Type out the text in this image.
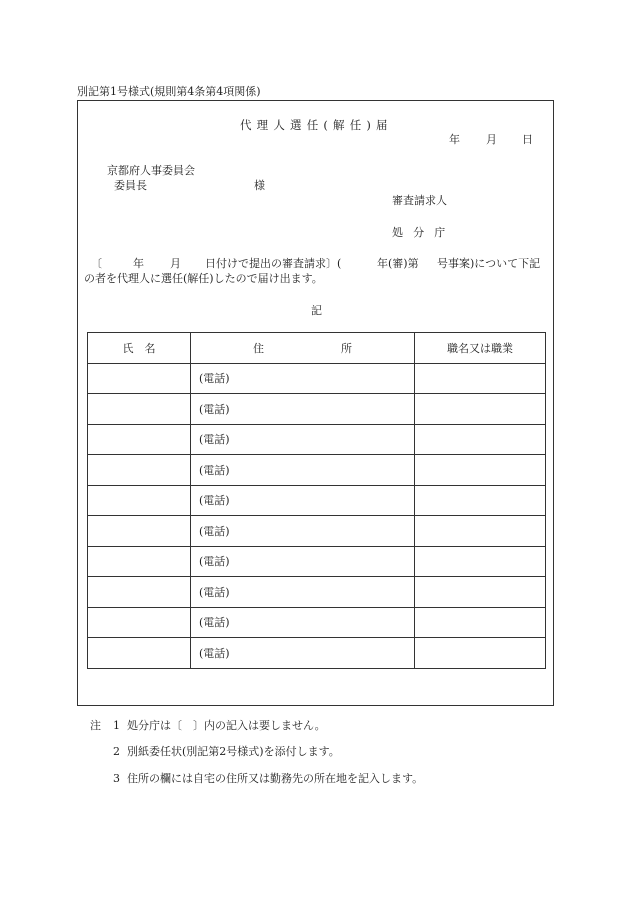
別記第1号様式(規則第4条第4項関係)
代理人選任(解任)届
年 月 日
京都府人事委員会
委員長	様
審査請求人
処 分 庁
〔	年 月 日付けで提出の審査請求〕(	年(審)第 号事案)について下記
の者を代理人に選任(解任)したので届け出ます。
記
氏　名	住　　　　　　　所	職名又は職業
	(電話)	
	(電話)	
	(電話)	
	(電話)	
	(電話)	
	(電話)	
	(電話)	
	(電話)	
	(電話)	
	(電話)	
注 1 処分庁は〔　〕内の記入は要しません。
2 別紙委任状(別記第2号様式)を添付します。
3 住所の欄には自宅の住所又は勤務先の所在地を記入します。
